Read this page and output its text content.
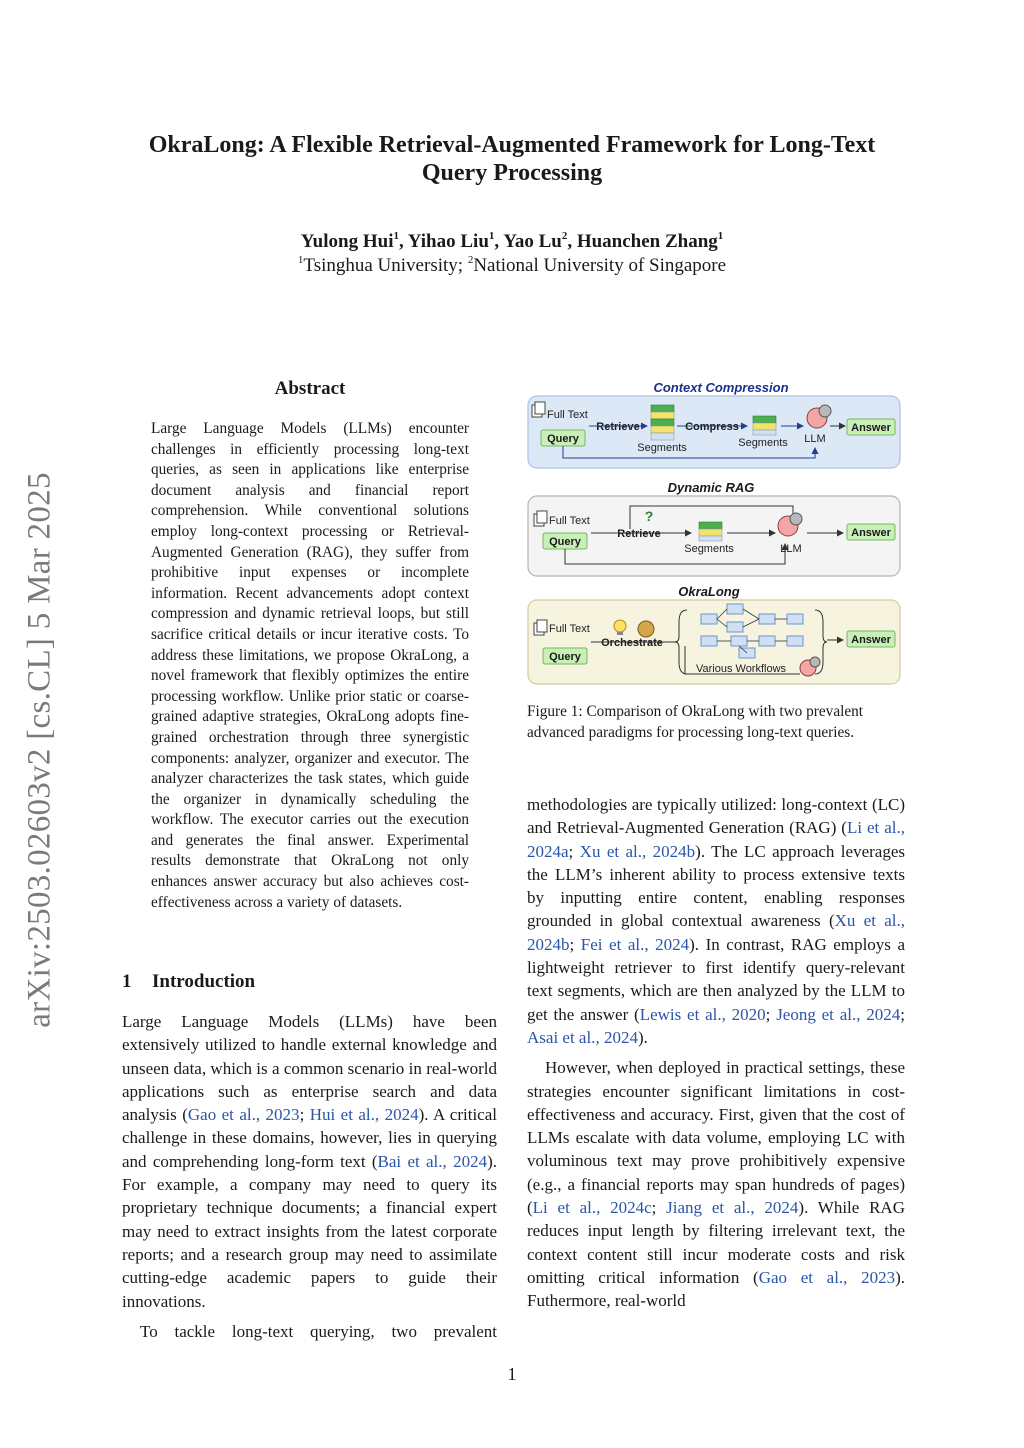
OkraLong: A Flexible Retrieval-Augmented Framework for Long-Text
Query Processing
Yulong Hui$^1$, Yihao Liu$^1$, Yao Lu$^2$, Huanchen Zhang$^1$
$^1$Tsinghua University; $^2$National University of Singapore
arXiv:2503.02603v2 [cs.CL] 5 Mar 2025
Abstract
Large Language Models (LLMs) encounter challenges in efficiently processing long-text queries, as seen in applications like enterprise document analysis and financial report comprehension. While conventional solutions employ long-context processing or Retrieval-Augmented Generation (RAG), they suffer from prohibitive input expenses or incomplete information. Recent advancements adopt context compression and dynamic retrieval loops, but still sacrifice critical details or incur iterative costs. To address these limitations, we propose OkraLong, a novel framework that flexibly optimizes the entire processing workflow. Unlike prior static or coarse-grained adaptive strategies, OkraLong adopts fine-grained orchestration through three synergistic components: analyzer, organizer and executor. The analyzer characterizes the task states, which guide the organizer in dynamically scheduling the workflow. The executor carries out the execution and generates the final answer. Experimental results demonstrate that OkraLong not only enhances answer accuracy but also achieves cost-effectiveness across a variety of datasets.
1 Introduction

Large Language Models (LLMs) have been extensively utilized to handle external knowledge and unseen data, which is a common scenario in real-world applications such as enterprise search and data analysis (Gao et al., 2023; Hui et al., 2024). A critical challenge in these domains, however, lies in querying and comprehending long-form text (Bai et al., 2024). For example, a company may need to query its proprietary technique documents; a financial expert may need to extract insights from the latest corporate reports; and a research group may need to assimilate cutting-edge academic papers to guide their innovations.

To tackle long-text querying, two prevalent

methodologies are typically utilized: long-context (LC) and Retrieval-Augmented Generation (RAG) (Li et al., 2024a; Xu et al., 2024b). The LC approach leverages the LLM’s inherent ability to process extensive texts by inputting entire content, enabling responses grounded in global contextual awareness (Xu et al., 2024b; Fei et al., 2024). In contrast, RAG employs a lightweight retriever to first identify query-relevant text segments, which are then analyzed by the LLM to get the answer (Lewis et al., 2020; Jeong et al., 2024; Asai et al., 2024).

However, when deployed in practical settings, these strategies encounter significant limitations in cost-effectiveness and accuracy. First, given that the cost of LLMs escalate with data volume, employing LC with voluminous text may prove prohibitively expensive (e.g., a financial reports may span hundreds of pages) (Li et al., 2024c; Jiang et al., 2024). While RAG reduces input length by filtering irrelevant text, the context content still incur moderate costs and risk omitting critical information (Gao et al., 2023). Futhermore, real-world

Context Compression
Full Text
Query
Retrieve
Segments
Compress
Segments LLM
Answer
Dynamic RAG
Full Text
Query
Retrieve
?
Segments	LLM
Answer
OkraLong
Full Text
Query
Orchestrate
Various Workflows
Answer
Figure 1: Comparison of OkraLong with two prevalent advanced paradigms for processing long-text queries.
1
